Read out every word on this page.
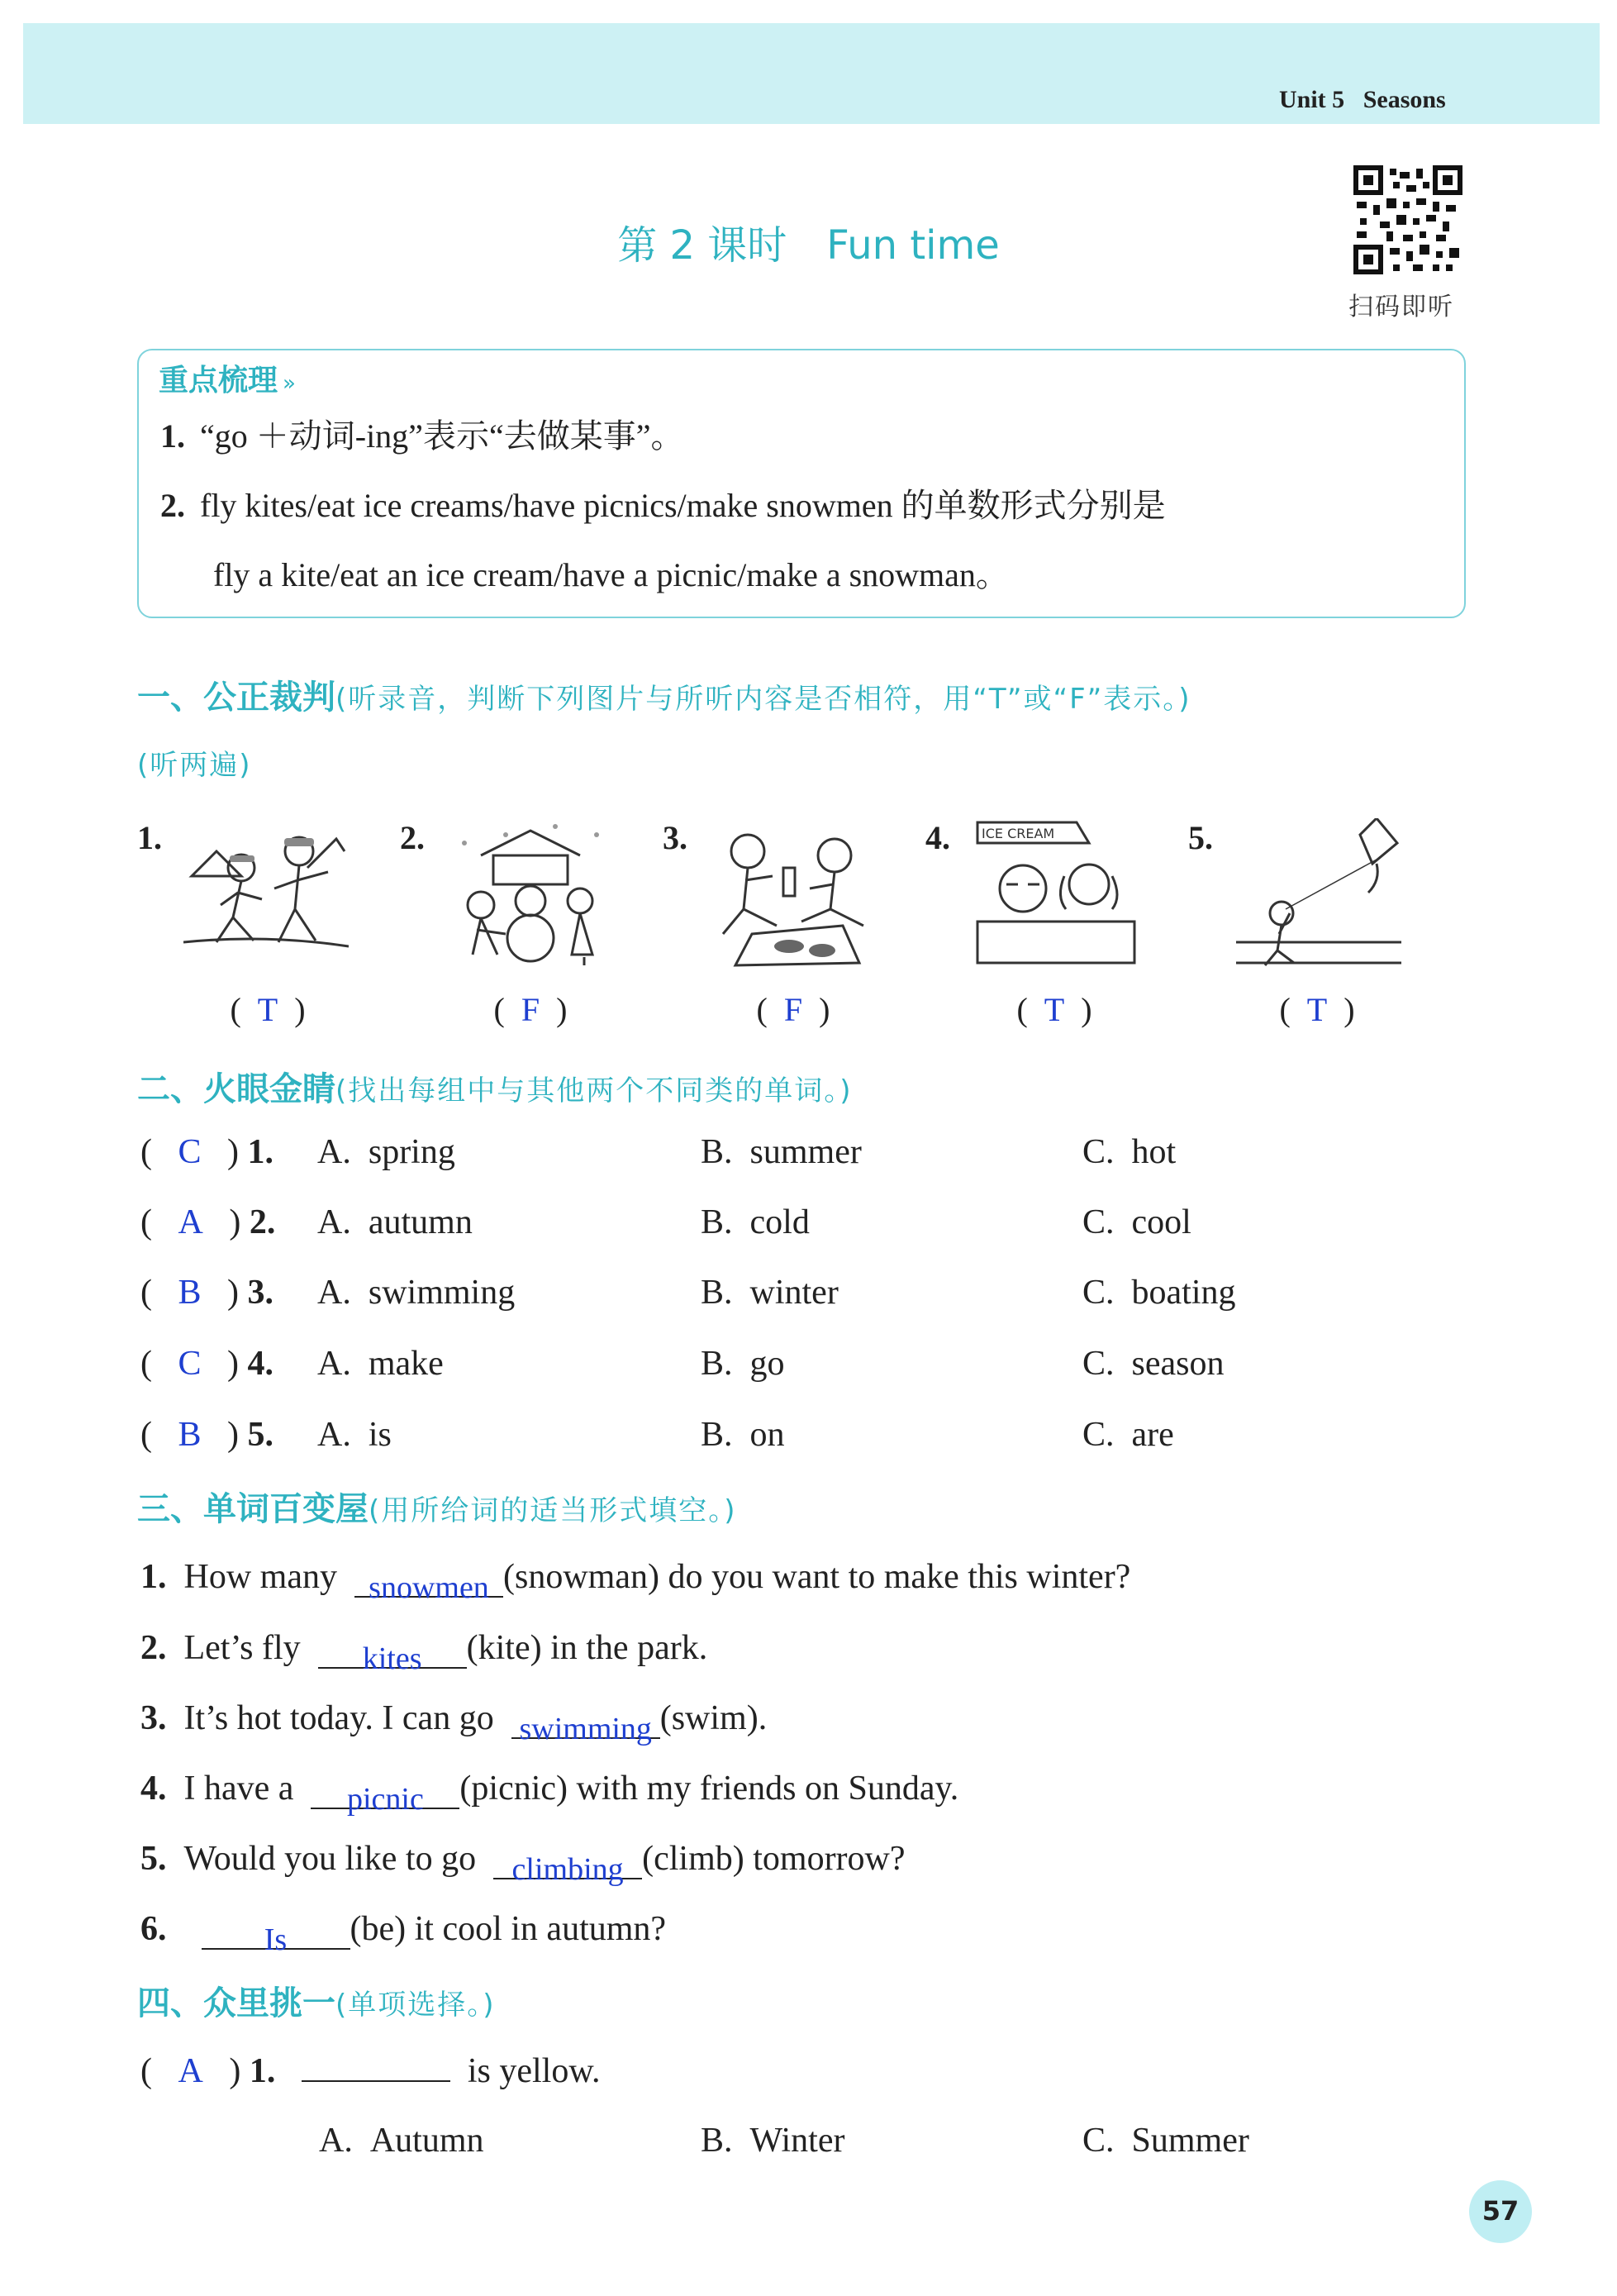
Unit 5 Seasons
扫码即听
第 2 课时 Fun time
重点梳理 »
1. “go ＋动词-ing”表示“去做某事”。
2. fly kites/eat ice creams/have picnics/make snowmen 的单数形式分别是
fly a kite/eat an ice cream/have a picnic/make a snowman。
一、公正裁判(听录音，判断下列图片与所听内容是否相符，用“T”或“F”表示。)
(听两遍)
1.	2.	3.	4. ICE CREAM	5.
(  T  )	(  F  )	(  F  )	(  T  )	(  T  )
二、火眼金睛(找出每组中与其他两个不同类的单词。)
(   C   ) 1. A. spring	B. summer	C. hot
(   A   ) 2. A. autumn	B. cold	C. cool
(   B   ) 3. A. swimming	B. winter	C. boating
(   C   ) 4. A. make	B. go	C. season
(   B   ) 5. A. is	B. on	C. are
三、单词百变屋(用所给词的适当形式填空。)
1. How many snowmen (snowman) do you want to make this winter?
2. Let’s fly kites (kite) in the park.
3. It’s hot today. I can go swimming (swim).
4. I have a picnic (picnic) with my friends on Sunday.
5. Would you like to go climbing (climb) tomorrow?
6.	Is (be) it cool in autumn?
四、众里挑一(单项选择。)
(   A   ) 1.	is yellow.
A. Autumn	B. Winter	C. Summer
57
